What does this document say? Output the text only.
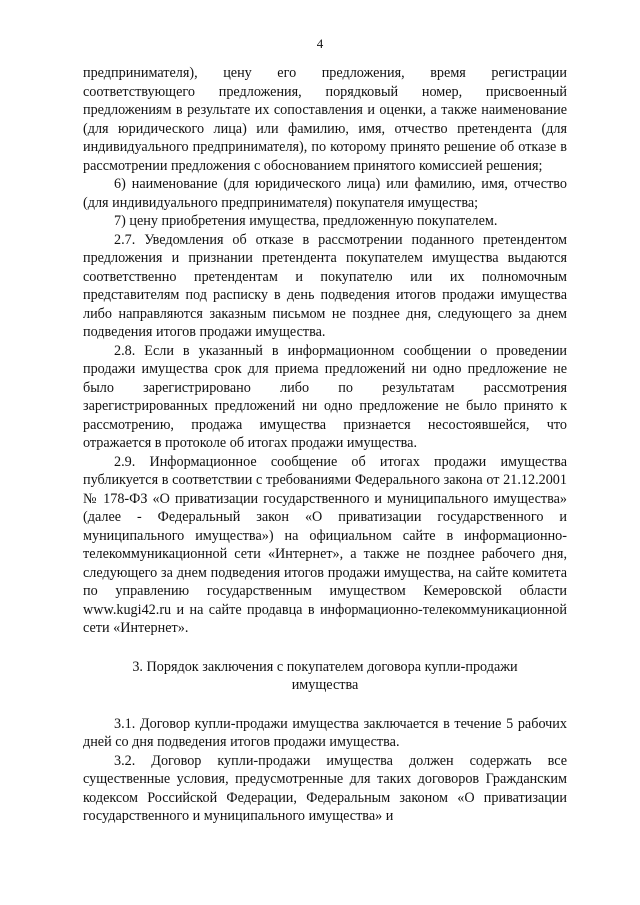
4

предпринимателя), цену его предложения, время регистрации соответствующего предложения, порядковый номер, присвоенный предложениям в результате их сопоставления и оценки, а также наименование (для юридического лица) или фамилию, имя, отчество претендента (для индивидуального предпринимателя), по которому принято решение об отказе в рассмотрении предложения с обоснованием принятого комиссией решения;

6) наименование (для юридического лица) или фамилию, имя, отчество (для индивидуального предпринимателя) покупателя имущества;

7) цену приобретения имущества, предложенную покупателем.

2.7. Уведомления об отказе в рассмотрении поданного претендентом предложения и признании претендента покупателем имущества выдаются соответственно претендентам и покупателю или их полномочным представителям под расписку в день подведения итогов продажи имущества либо направляются заказным письмом не позднее дня, следующего за днем подведения итогов продажи имущества.

2.8. Если в указанный в информационном сообщении о проведении продажи имущества срок для приема предложений ни одно предложение не было зарегистрировано либо по результатам рассмотрения зарегистрированных предложений ни одно предложение не было принято к рассмотрению, продажа имущества признается несостоявшейся, что отражается в протоколе об итогах продажи имущества.

2.9. Информационное сообщение об итогах продажи имущества публикуется в соответствии с требованиями Федерального закона от 21.12.2001 № 178-ФЗ «О приватизации государственного и муниципального имущества» (далее - Федеральный закон «О приватизации государственного и муниципального имущества») на официальном сайте в информационно-телекоммуникационной сети «Интернет», а также не позднее рабочего дня, следующего за днем подведения итогов продажи имущества, на сайте комитета по управлению государственным имуществом Кемеровской области www.kugi42.ru и на сайте продавца в информационно-телекоммуникационной сети «Интернет».

3. Порядок заключения с покупателем договора купли-продажи имущества

3.1. Договор купли-продажи имущества заключается в течение 5 рабочих дней со дня подведения итогов продажи имущества.

3.2. Договор купли-продажи имущества должен содержать все существенные условия, предусмотренные для таких договоров Гражданским кодексом Российской Федерации, Федеральным законом «О приватизации государственного и муниципального имущества» и
